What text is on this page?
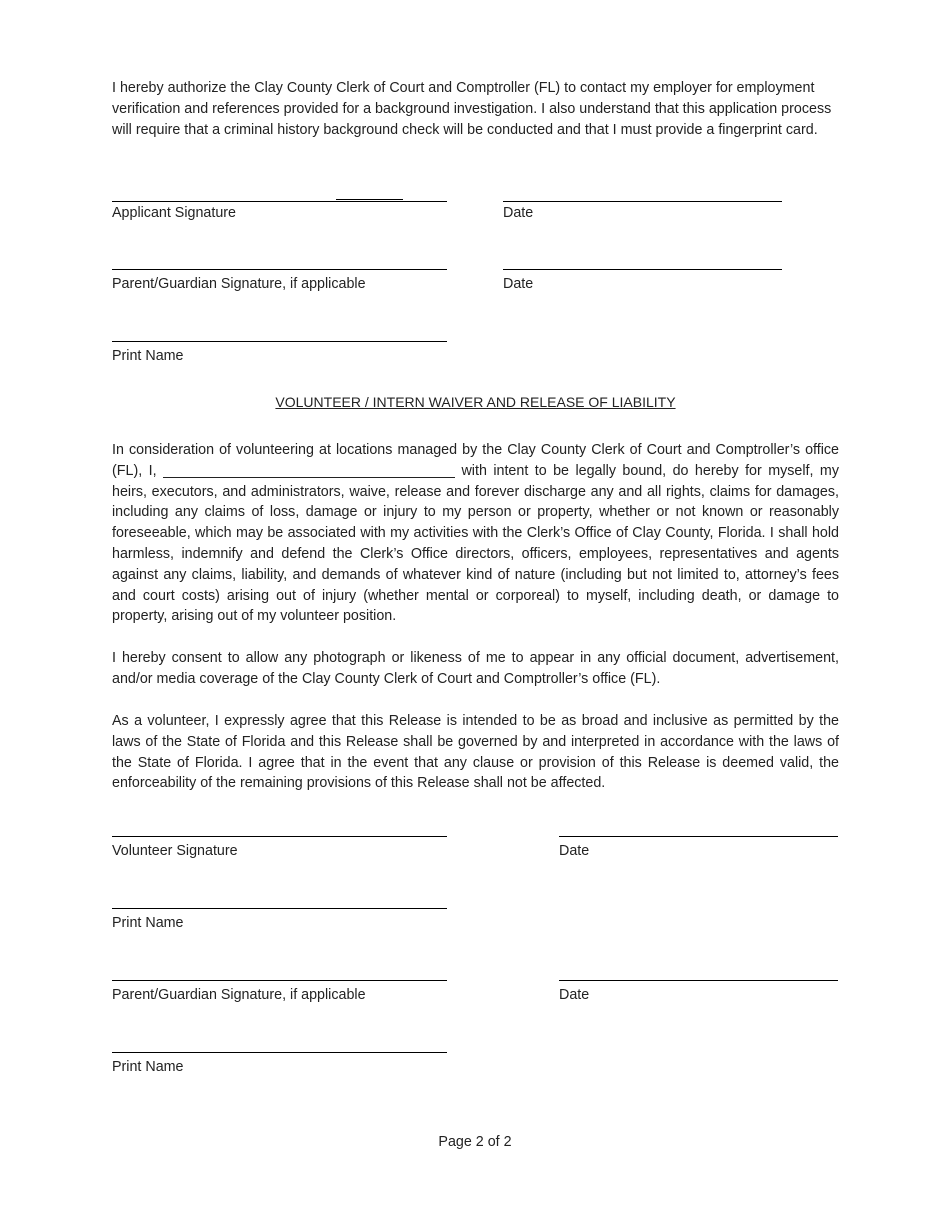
I hereby authorize the Clay County Clerk of Court and Comptroller (FL) to contact my employer for employment verification and references provided for a background investigation. I also understand that this application process will require that a criminal history background check will be conducted and that I must provide a fingerprint card.

Applicant Signature	Date
Parent/Guardian Signature, if applicable	Date
Print Name
VOLUNTEER / INTERN WAIVER AND RELEASE OF LIABILITY

In consideration of volunteering at locations managed by the Clay County Clerk of Court and Comptroller’s office (FL), I,	with intent to be legally bound, do hereby for myself, my heirs, executors, and administrators, waive, release and forever discharge any and all rights, claims for damages, including any claims of loss, damage or injury to my person or property, whether or not known or reasonably foreseeable, which may be associated with my activities with the Clerk’s Office of Clay County, Florida. I shall hold harmless, indemnify and defend the Clerk’s Office directors, officers, employees, representatives and agents against any claims, liability, and demands of whatever kind of nature (including but not limited to, attorney’s fees and court costs) arising out of injury (whether mental or corporeal) to myself, including death, or damage to property, arising out of my volunteer position.

I hereby consent to allow any photograph or likeness of me to appear in any official document, advertisement, and/or media coverage of the Clay County Clerk of Court and Comptroller’s office (FL).

As a volunteer, I expressly agree that this Release is intended to be as broad and inclusive as permitted by the laws of the State of Florida and this Release shall be governed by and interpreted in accordance with the laws of the State of Florida. I agree that in the event that any clause or provision of this Release is deemed valid, the enforceability of the remaining provisions of this Release shall not be affected.

Volunteer Signature	Date
Print Name
Parent/Guardian Signature, if applicable	Date
Print Name
Page 2 of 2
